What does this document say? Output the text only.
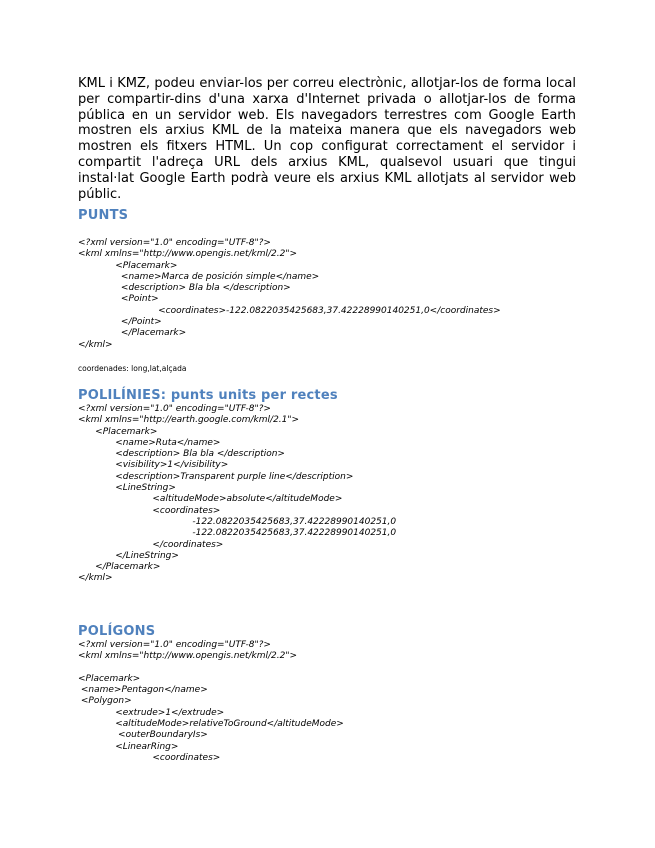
KML i KMZ, podeu enviar-los per correu electrònic, allotjar-los de forma local per compartir-dins d'una xarxa d'Internet privada o allotjar-los de forma pública en un servidor web. Els navegadors terrestres com Google Earth mostren els arxius KML de la mateixa manera que els navegadors web mostren els fitxers HTML. Un cop configurat correctament el servidor i compartit l'adreça URL dels arxius KML, qualsevol usuari que tingui instal·lat Google Earth podrà veure els arxius KML allotjats al servidor web públic.

PUNTS
<?xml version="1.0" encoding="UTF-8"?>
<kml xmlns="http://www.opengis.net/kml/2.2">
<Placemark>
<name>Marca de posición simple</name>
<description> Bla bla </description>
<Point>
<coordinates>-122.0822035425683,37.42228990140251,0</coordinates>
</Point>
</Placemark>
</kml>

coordenades: long,lat,alçada

POLILÍNIES: punts units per rectes
<?xml version="1.0" encoding="UTF-8"?>
<kml xmlns="http://earth.google.com/kml/2.1">
<Placemark>
<name>Ruta</name>
<description> Bla bla </description>
<visibility>1</visibility>
<description>Transparent purple line</description>
<LineString>
<altitudeMode>absolute</altitudeMode>
<coordinates>
-122.0822035425683,37.42228990140251,0
-122.0822035425683,37.42228990140251,0
</coordinates>
</LineString>
</Placemark>
</kml>
POLÍGONS
<?xml version="1.0" encoding="UTF-8"?>
<kml xmlns="http://www.opengis.net/kml/2.2">
<Placemark>
<name>Pentagon</name>
<Polygon>
<extrude>1</extrude>
<altitudeMode>relativeToGround</altitudeMode>
<outerBoundaryIs>
<LinearRing>
<coordinates>
